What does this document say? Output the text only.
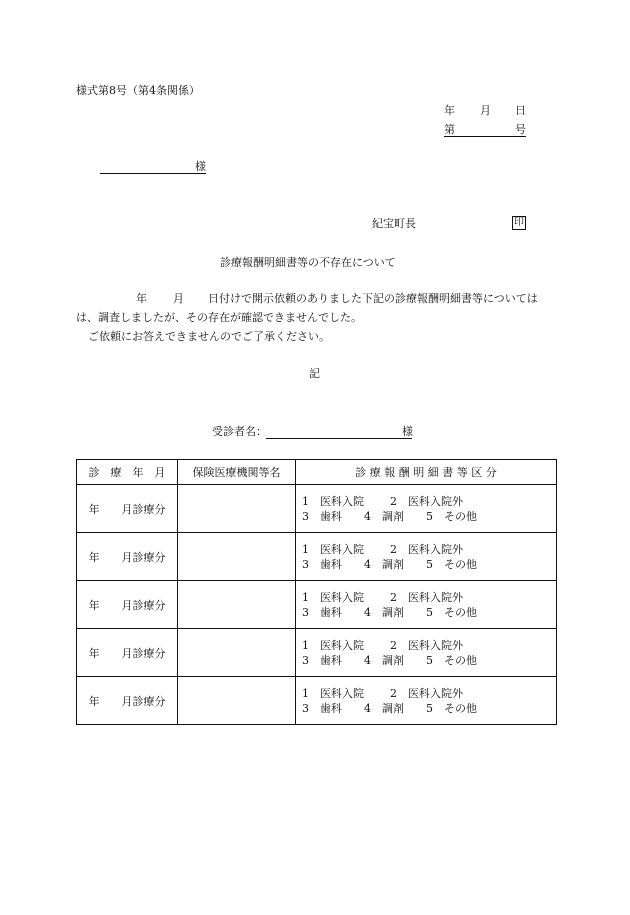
様式第8号（第4条関係）
年 月 日
第	号
様
紀宝町長	印
診療報酬明細書等の不存在について
年 月 日付けで開示依頼のありました下記の診療報酬明細書等については
は、調査しましたが、その存在が確認できませんでした。
ご依頼にお答えできませんのでご了承ください。
記
受診者名：	様
診　療　年　月	保険医療機関等名	診 療 報 酬 明 細 書 等 区 分
年　　月診療分		1 医科入院 2 医科入院外
3 歯科 4 調剤 5 その他

年　　月診療分		1 医科入院 2 医科入院外
3 歯科 4 調剤 5 その他

年　　月診療分		1 医科入院 2 医科入院外
3 歯科 4 調剤 5 その他

年　　月診療分		1 医科入院 2 医科入院外
3 歯科 4 調剤 5 その他

年　　月診療分		1 医科入院 2 医科入院外
3 歯科 4 調剤 5 その他
